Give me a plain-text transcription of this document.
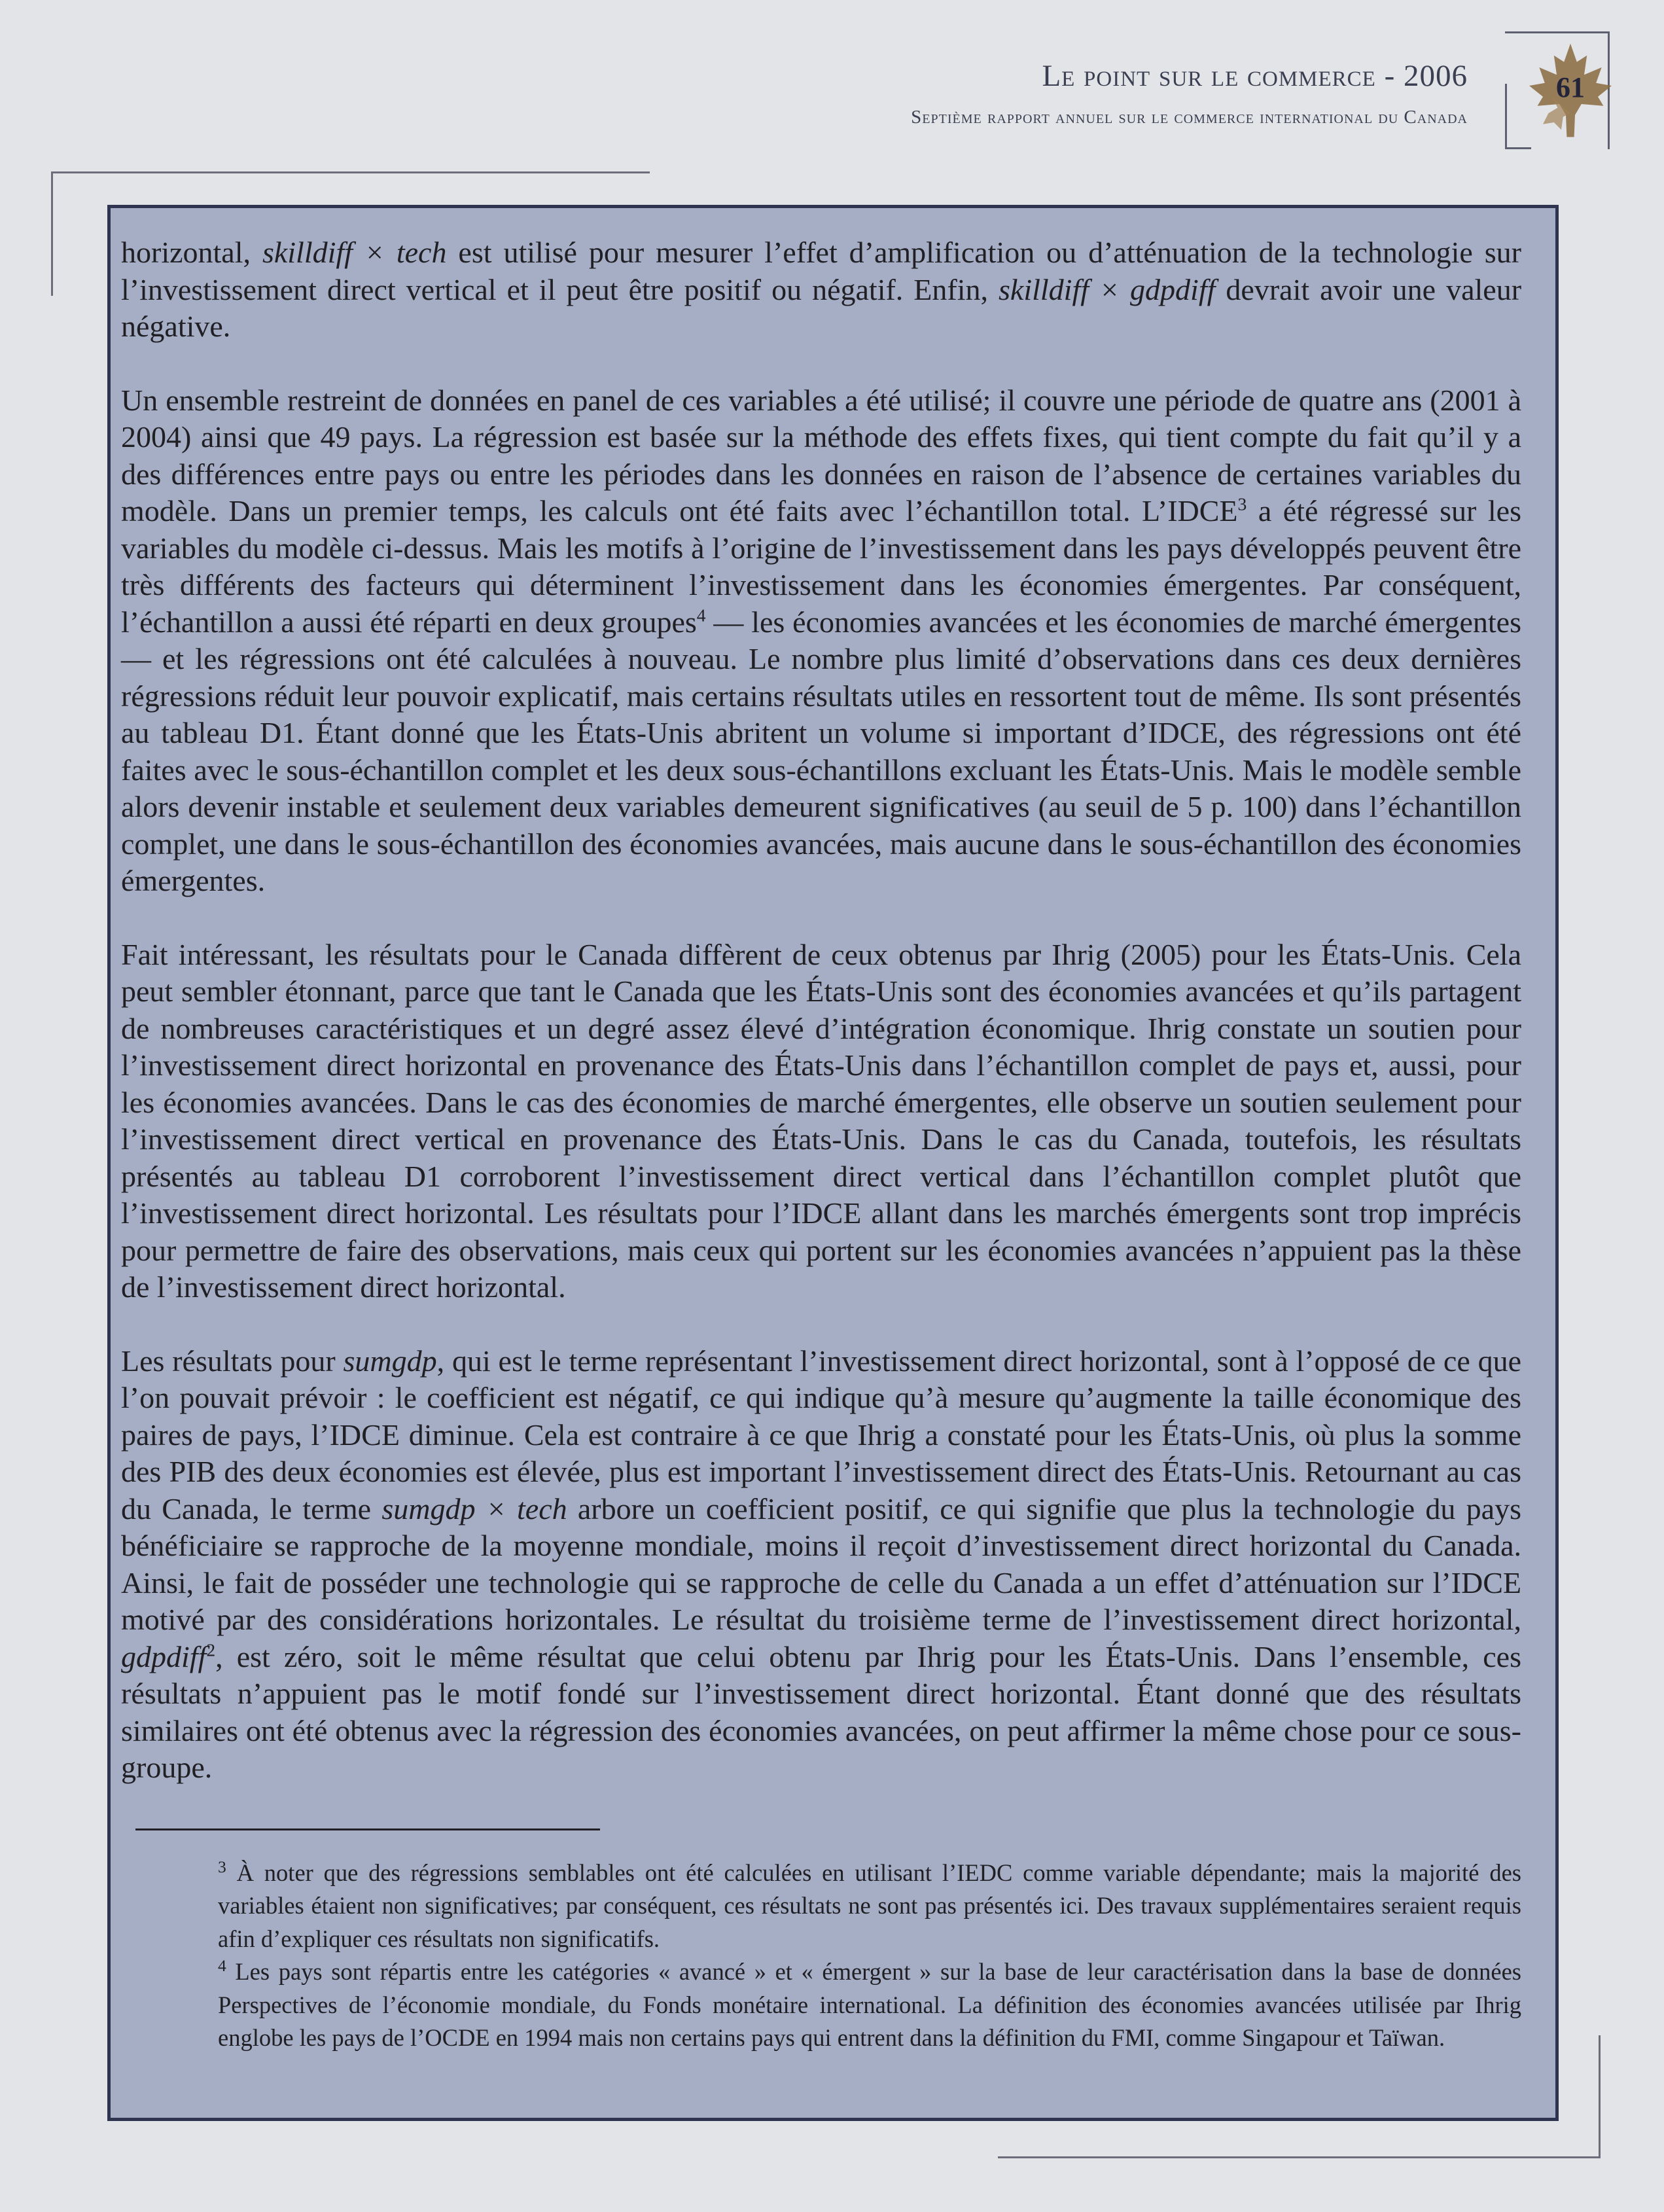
Le point sur le commerce - 2006
Septième rapport annuel sur le commerce international du Canada
61

horizontal, skilldiff × tech est utilisé pour mesurer l’effet d’amplification ou d’atténuation de la technologie sur l’investissement direct vertical et il peut être positif ou négatif. Enfin, skilldiff × gdpdiff devrait avoir une valeur négative.

Un ensemble restreint de données en panel de ces variables a été utilisé; il couvre une période de quatre ans (2001 à 2004) ainsi que 49 pays. La régression est basée sur la méthode des effets fixes, qui tient compte du fait qu’il y a des différences entre pays ou entre les périodes dans les données en raison de l’absence de certaines variables du modèle. Dans un premier temps, les calculs ont été faits avec l’échantillon total. L’IDCE$^3$ a été régressé sur les variables du modèle ci-dessus. Mais les motifs à l’origine de l’investissement dans les pays développés peuvent être très différents des facteurs qui déterminent l’investissement dans les économies émergentes. Par conséquent, l’échantillon a aussi été réparti en deux groupes$^4$ — les économies avancées et les économies de marché émergentes — et les régressions ont été calculées à nouveau. Le nombre plus limité d’observations dans ces deux dernières régressions réduit leur pouvoir explicatif, mais certains résultats utiles en ressortent tout de même. Ils sont présentés au tableau D1. Étant donné que les États-Unis abritent un volume si important d’IDCE, des régressions ont été faites avec le sous-échantillon complet et les deux sous-échantillons excluant les États-Unis. Mais le modèle semble alors devenir instable et seulement deux variables demeurent significatives (au seuil de 5 p. 100) dans l’échantillon complet, une dans le sous-échantillon des économies avancées, mais aucune dans le sous-échantillon des économies émergentes.

Fait intéressant, les résultats pour le Canada diffèrent de ceux obtenus par Ihrig (2005) pour les États-Unis. Cela peut sembler étonnant, parce que tant le Canada que les États-Unis sont des économies avancées et qu’ils partagent de nombreuses caractéristiques et un degré assez élevé d’intégration économique. Ihrig constate un soutien pour l’investissement direct horizontal en provenance des États-Unis dans l’échantillon complet de pays et, aussi, pour les économies avancées. Dans le cas des économies de marché émergentes, elle observe un soutien seulement pour l’investissement direct vertical en provenance des États-Unis. Dans le cas du Canada, toutefois, les résultats présentés au tableau D1 corroborent l’investissement direct vertical dans l’échantillon complet plutôt que l’investissement direct horizontal. Les résultats pour l’IDCE allant dans les marchés émergents sont trop imprécis pour permettre de faire des observations, mais ceux qui portent sur les économies avancées n’appuient pas la thèse de l’investissement direct horizontal.

Les résultats pour sumgdp, qui est le terme représentant l’investissement direct horizontal, sont à l’opposé de ce que l’on pouvait prévoir : le coefficient est négatif, ce qui indique qu’à mesure qu’augmente la taille économique des paires de pays, l’IDCE diminue. Cela est contraire à ce que Ihrig a constaté pour les États-Unis, où plus la somme des PIB des deux économies est élevée, plus est important l’investissement direct des États-Unis. Retournant au cas du Canada, le terme sumgdp × tech arbore un coefficient positif, ce qui signifie que plus la technologie du pays bénéficiaire se rapproche de la moyenne mondiale, moins il reçoit d’investissement direct horizontal du Canada. Ainsi, le fait de posséder une technologie qui se rapproche de celle du Canada a un effet d’atténuation sur l’IDCE motivé par des considérations horizontales. Le résultat du troisième terme de l’investissement direct horizontal, gdpdiff$^2$, est zéro, soit le même résultat que celui obtenu par Ihrig pour les États-Unis. Dans l’ensemble, ces résultats n’appuient pas le motif fondé sur l’investissement direct horizontal. Étant donné que des résultats similaires ont été obtenus avec la régression des économies avancées, on peut affirmer la même chose pour ce sous-groupe.

$^3$ À noter que des régressions semblables ont été calculées en utilisant l’IEDC comme variable dépendante; mais la majorité des variables étaient non significatives; par conséquent, ces résultats ne sont pas présentés ici. Des travaux supplémentaires seraient requis afin d’expliquer ces résultats non significatifs.
$^4$ Les pays sont répartis entre les catégories « avancé » et « émergent » sur la base de leur caractérisation dans la base de données Perspectives de l’économie mondiale, du Fonds monétaire international. La définition des économies avancées utilisée par Ihrig englobe les pays de l’OCDE en 1994 mais non certains pays qui entrent dans la définition du FMI, comme Singapour et Taïwan.
